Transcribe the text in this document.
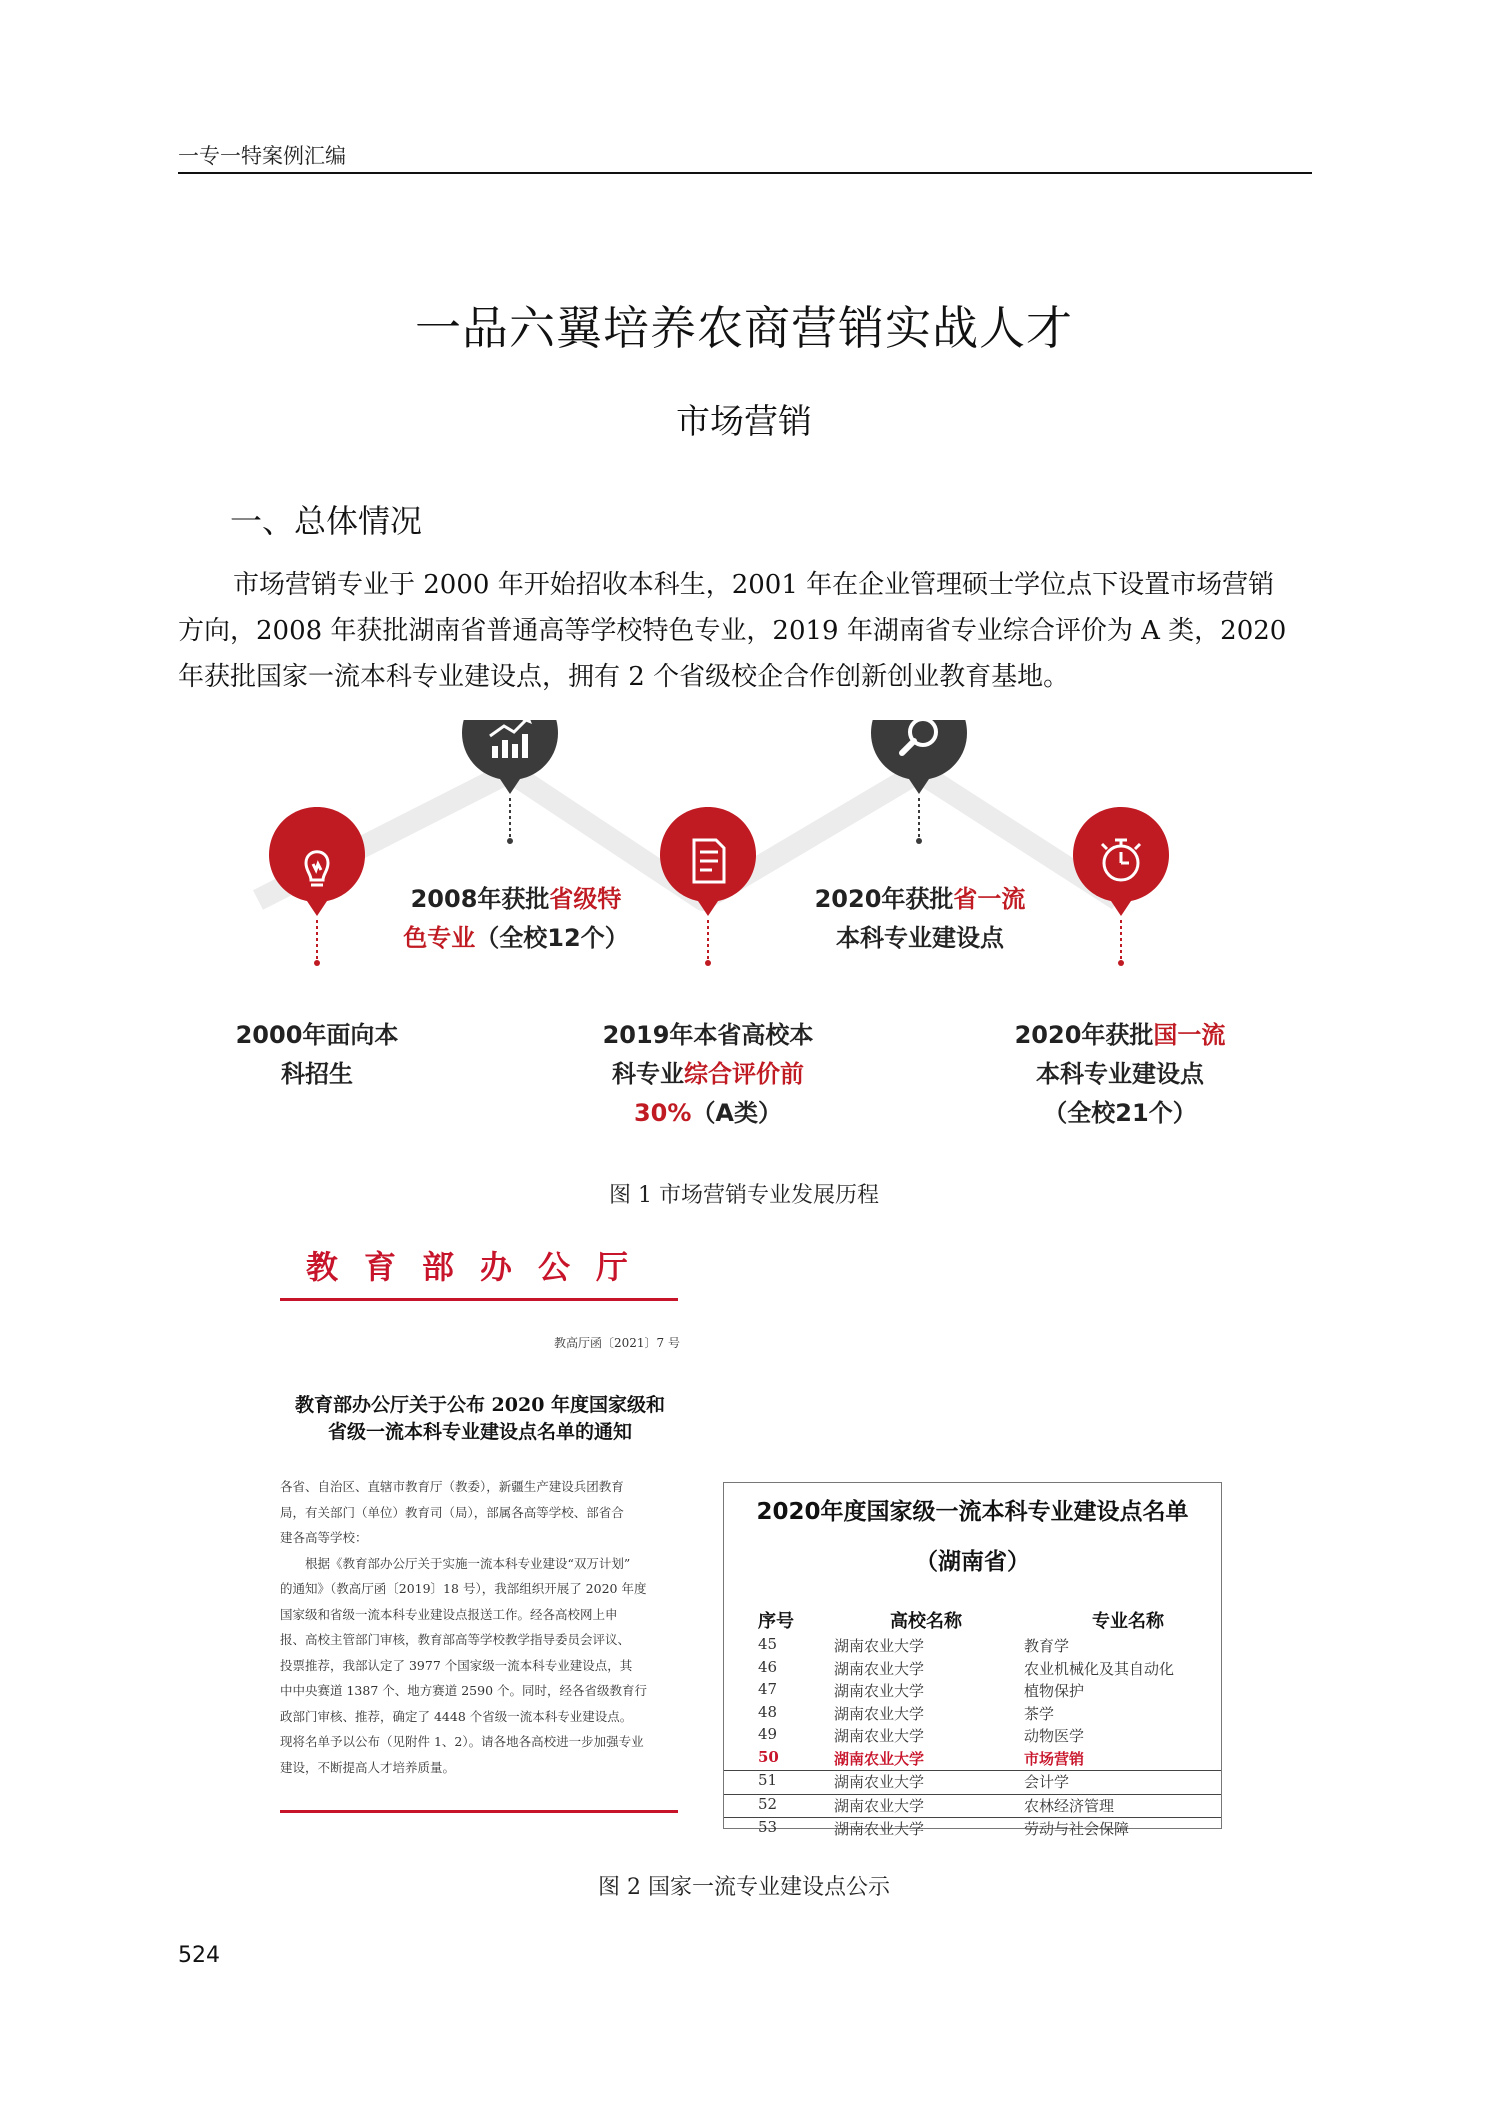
一专一特案例汇编
一品六翼培养农商营销实战人才
市场营销
一、总体情况
市场营销专业于 2000 年开始招收本科生，2001 年在企业管理硕士学位点下设置市场营销
方向，2008 年获批湖南省普通高等学校特色专业，2019 年湖南省专业综合评价为 A 类，2020
年获批国家一流本科专业建设点，拥有 2 个省级校企合作创新创业教育基地。
2000年面向本
科招生
2008年获批省级特
色专业（全校12个）
2019年本省高校本
科专业综合评价前
30%（A类）
2020年获批省一流
本科专业建设点
2020年获批国一流
本科专业建设点
（全校21个）
图 1 市场营销专业发展历程
教育部办公厅
教高厅函〔2021〕7 号
教育部办公厅关于公布 2020 年度国家级和
省级一流本科专业建设点名单的通知
各省、自治区、直辖市教育厅（教委），新疆生产建设兵团教育
局，有关部门（单位）教育司（局），部属各高等学校、部省合
建各高等学校：
　　根据《教育部办公厅关于实施一流本科专业建设“双万计划”
的通知》（教高厅函〔2019〕18 号），我部组织开展了 2020 年度
国家级和省级一流本科专业建设点报送工作。经各高校网上申
报、高校主管部门审核，教育部高等学校教学指导委员会评议、
投票推荐，我部认定了 3977 个国家级一流本科专业建设点，其
中中央赛道 1387 个、地方赛道 2590 个。同时，经各省级教育行
政部门审核、推荐，确定了 4448 个省级一流本科专业建设点。
现将名单予以公布（见附件 1、2）。请各地各高校进一步加强专业
建设，不断提高人才培养质量。
2020年度国家级一流本科专业建设点名单
（湖南省）
序号	高校名称	专业名称
45	湖南农业大学	教育学
46	湖南农业大学	农业机械化及其自动化
47	湖南农业大学	植物保护
48	湖南农业大学	茶学
49	湖南农业大学	动物医学
50	湖南农业大学	市场营销
51	湖南农业大学	会计学
52	湖南农业大学	农林经济管理
53	湖南农业大学	劳动与社会保障
图 2 国家一流专业建设点公示
524
